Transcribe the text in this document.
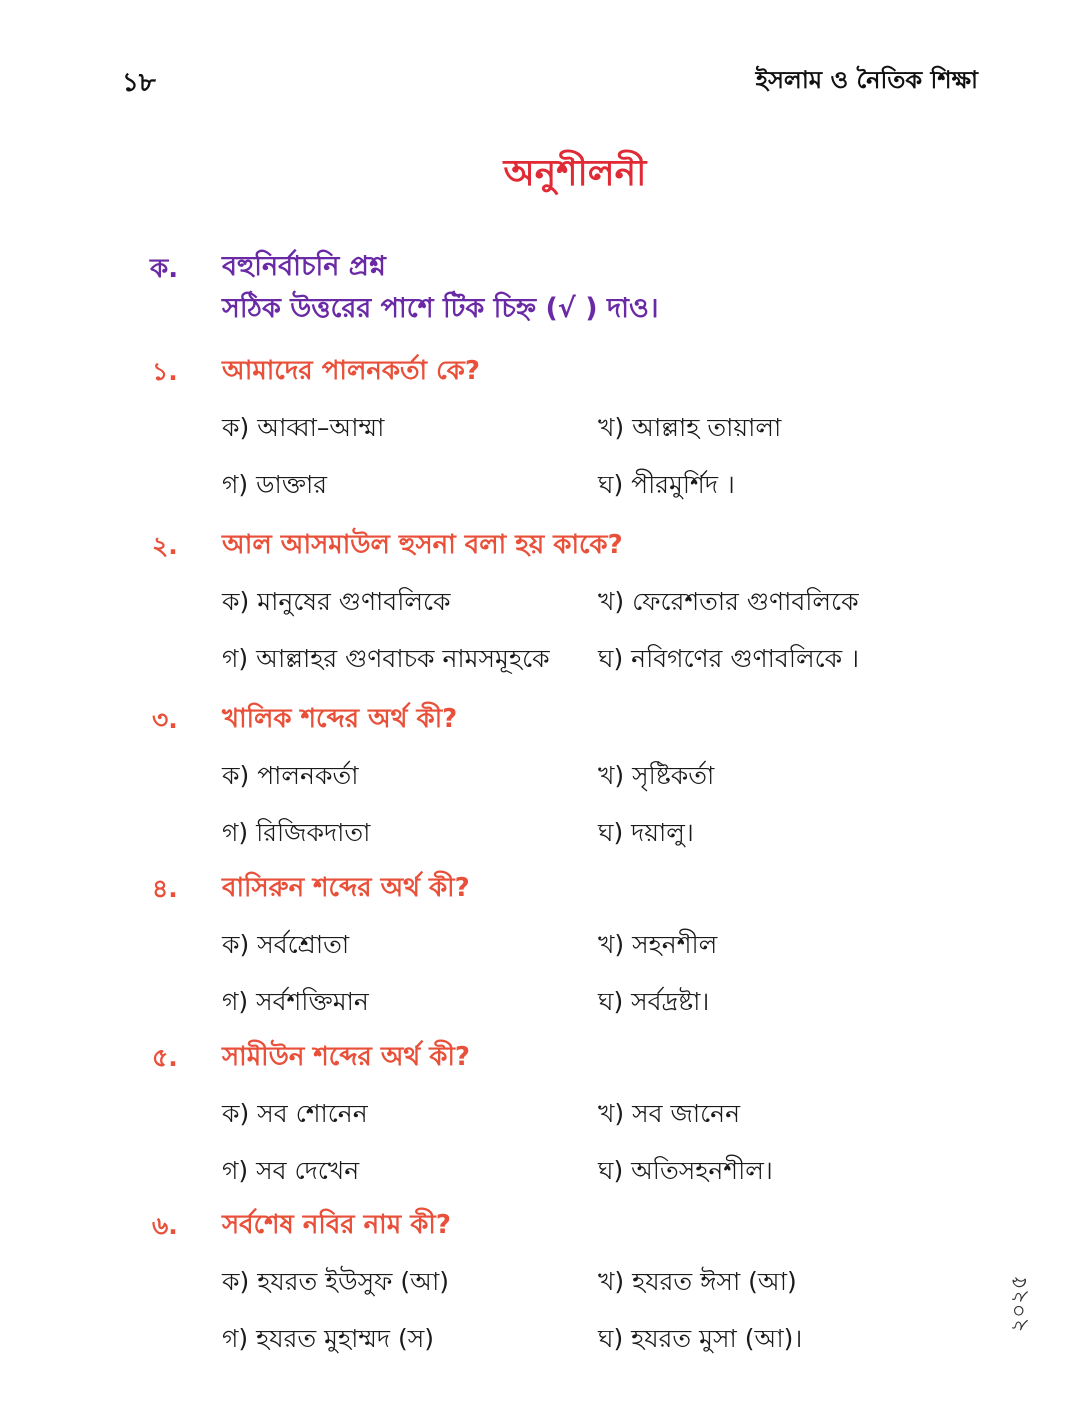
১৮	ইসলাম ও নৈতিক শিক্ষা
অনুশীলনী
ক. বহুনির্বাচনি প্রশ্ন
সঠিক উত্তরের পাশে টিক চিহ্ন (√ ) দাও।
১. আমাদের পালনকর্তা কে?
ক) আব্বা–আম্মা	খ) আল্লাহ তায়ালা
গ) ডাক্তার	ঘ) পীরমুর্শিদ ।
২. আল আসমাউল হুসনা বলা হয় কাকে?
ক) মানুষের গুণাবলিকে	খ) ফেরেশতার গুণাবলিকে
গ) আল্লাহর গুণবাচক নামসমূহকে ঘ) নবিগণের গুণাবলিকে ।
৩. খালিক শব্দের অর্থ কী?
ক) পালনকর্তা	খ) সৃষ্টিকর্তা
গ) রিজিকদাতা	ঘ) দয়ালু।
৪. বাসিরুন শব্দের অর্থ কী?
ক) সর্বশ্রোতা	খ) সহনশীল
গ) সর্বশক্তিমান	ঘ) সর্বদ্রষ্টা।
৫. সামীউন শব্দের অর্থ কী?
ক) সব শোনেন	খ) সব জানেন
গ) সব দেখেন	ঘ) অতিসহনশীল।
৬. সর্বশেষ নবির নাম কী?
ক) হযরত ইউসুফ (আ)	খ) হযরত ঈসা (আ)
গ) হযরত মুহাম্মদ (স)	ঘ) হযরত মুসা (আ)।
২০২৫
